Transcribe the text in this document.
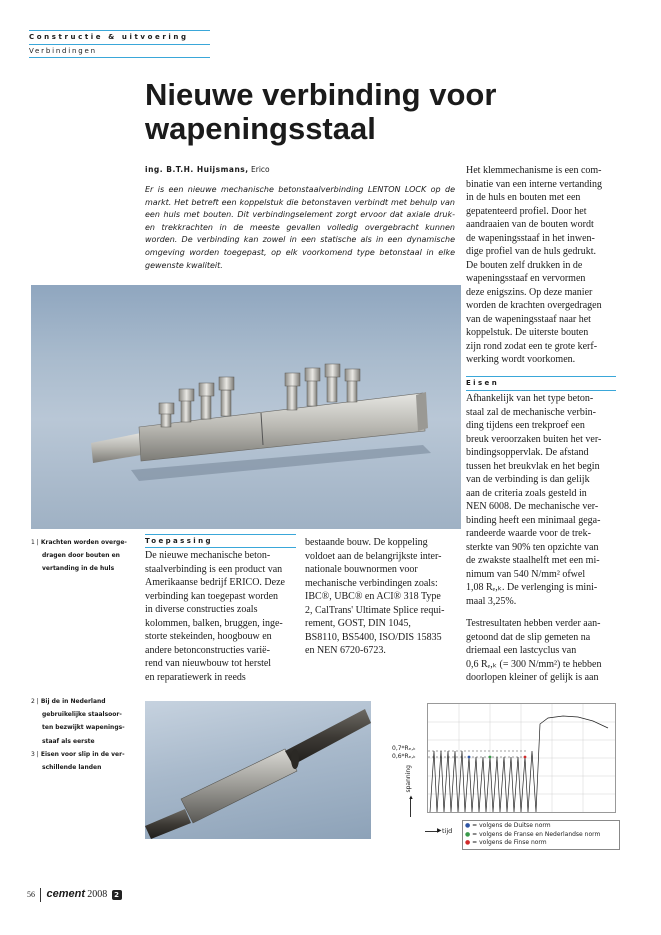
Constructie & uitvoering
Verbindingen
Nieuwe verbinding voor wapeningsstaal
ing. B.T.H. Huijsmans, Erico
Er is een nieuwe mechanische betonstaalverbinding LENTON LOCK op de markt. Het betreft een koppelstuk die betonstaven verbindt met behulp van een huls met bouten. Dit verbindingselement zorgt ervoor dat axiale druk- en trekkrachten in de meeste gevallen volledig overgebracht kunnen worden. De verbinding kan zowel in een statische als in een dynamische omgeving worden toegepast, op elk voorkomend type betonstaal in elke gewenste kwaliteit.
Het klemmechanisme is een com-
binatie van een interne vertanding
in de huls en bouten met een
gepatenteerd profiel. Door het
aandraaien van de bouten wordt
de wapeningsstaaf in het inwen-
dige profiel van de huls gedrukt.
De bouten zelf drukken in de
wapeningsstaaf en vervormen
deze enigszins. Op deze manier
worden de krachten overgedragen
van de wapeningsstaaf naar het
koppelstuk. De uiterste bouten
zijn rond zodat een te grote kerf-
werking wordt voorkomen.
Eisen
Afhankelijk van het type beton-
staal zal de mechanische verbin-
ding tijdens een trekproef een
breuk veroorzaken buiten het ver-
bindingsoppervlak. De afstand
tussen het breukvlak en het begin
van de verbinding is dan gelijk
aan de criteria zoals gesteld in
NEN 6008. De mechanische ver-
binding heeft een minimaal gega-
randeerde waarde voor de trek-
sterkte van 90% ten opzichte van
de zwakste staalhelft met een mi-
nimum van 540 N/mm² ofwel
1,08 Rₑ,ₖ. De verlenging is mini-
maal 3,25%.
Testresultaten hebben verder aan-
getoond dat de slip gemeten na
driemaal een lastcyclus van
0,6 Rₑ,ₖ (= 300 N/mm²) te hebben
doorlopen kleiner of gelijk is aan
1 | Krachten worden overge-
dragen door bouten en
vertanding in de huls
Toepassing
De nieuwe mechanische beton-
staalverbinding is een product van
Amerikaanse bedrijf ERICO. Deze
verbinding kan toegepast worden
in diverse constructies zoals
kolommen, balken, bruggen, inge-
storte stekeinden, hoogbouw en
andere betonconstructies varië-
rend van nieuwbouw tot herstel
en reparatiewerk in reeds
bestaande bouw. De koppeling
voldoet aan de belangrijkste inter-
nationale bouwnormen voor
mechanische verbindingen zoals:
IBC®, UBC® en ACI® 318 Type
2, CalTrans' Ultimate Splice requi-
rement, GOST, DIN 1045,
BS8110, BS5400, ISO/DIS 15835
en NEN 6720-6723.
2 | Bij de in Nederland
gebruikelijke staalsoor-
ten bezwijkt wapenings-
staaf als eerste
3 | Eisen voor slip in de ver-
schillende landen
0,7*Rₑ,ₖ
0,6*Rₑ,ₖ
spanning
▲
▶ tijd
● = volgens de Duitse norm
● = volgens de Franse en Nederlandse norm
● = volgens de Finse norm
56 cement 2008 2
